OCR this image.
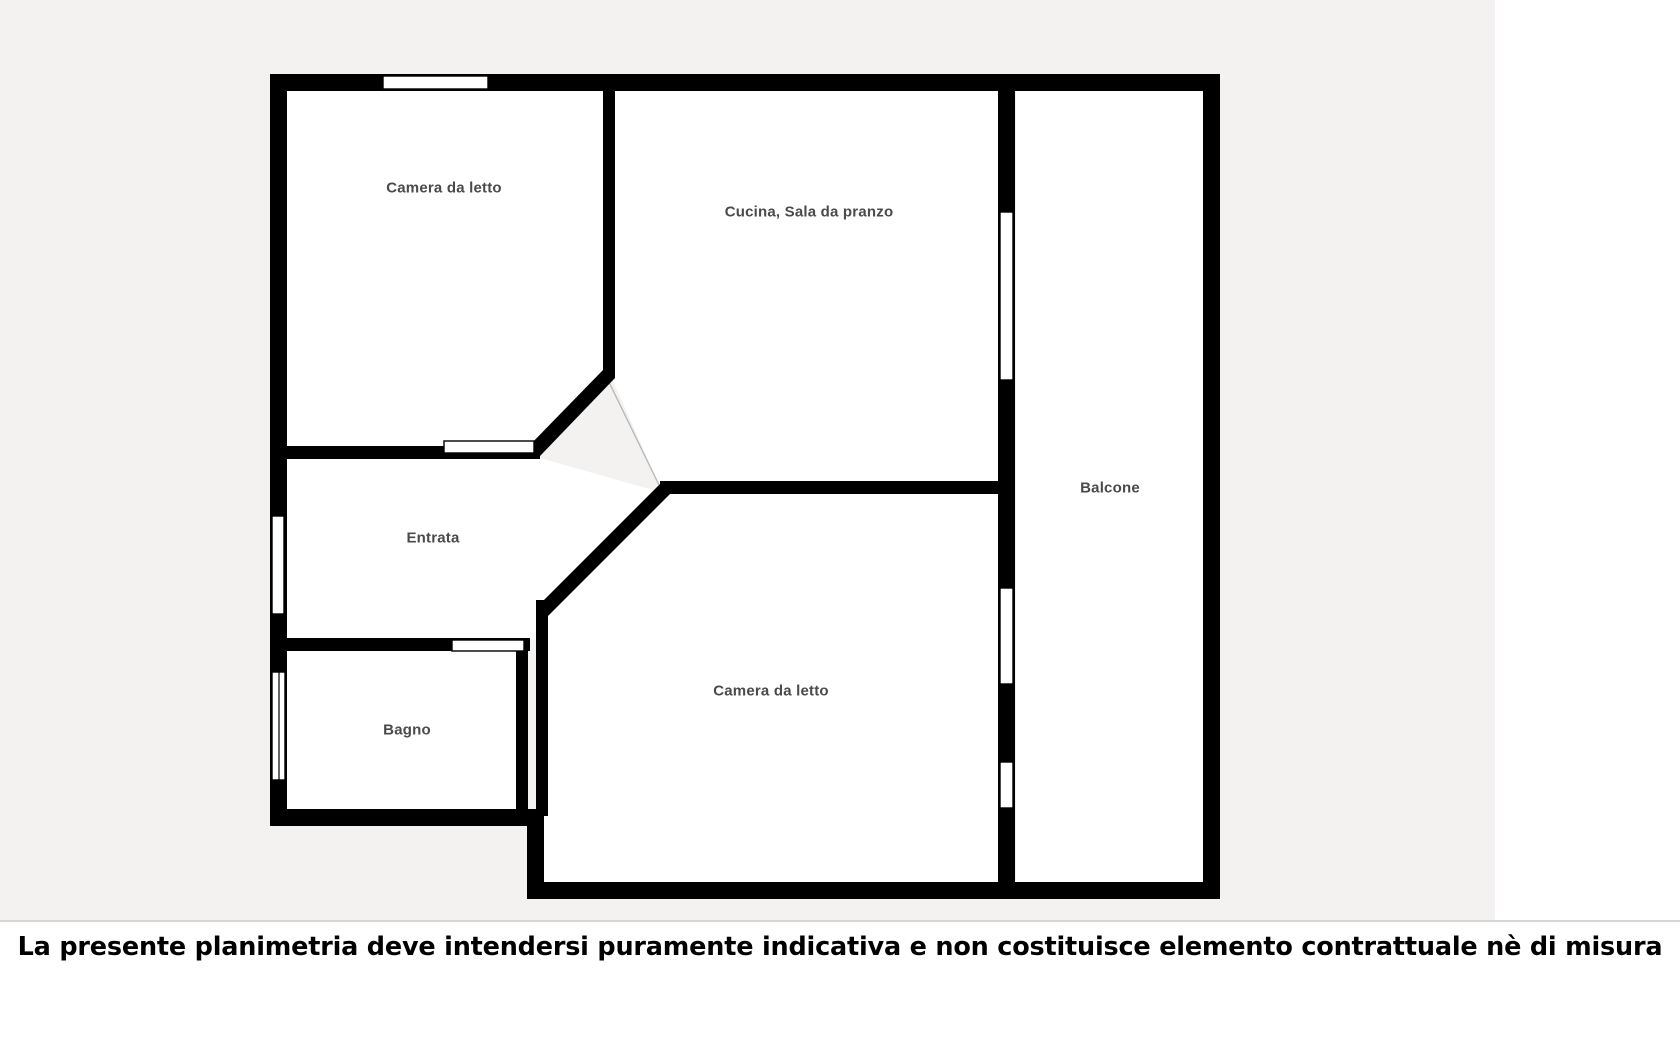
Camera da letto
Cucina, Sala da pranzo
Balcone
Entrata
Bagno
Camera da letto
La presente planimetria deve intendersi puramente indicativa e non costituisce elemento contrattuale nè di misura
